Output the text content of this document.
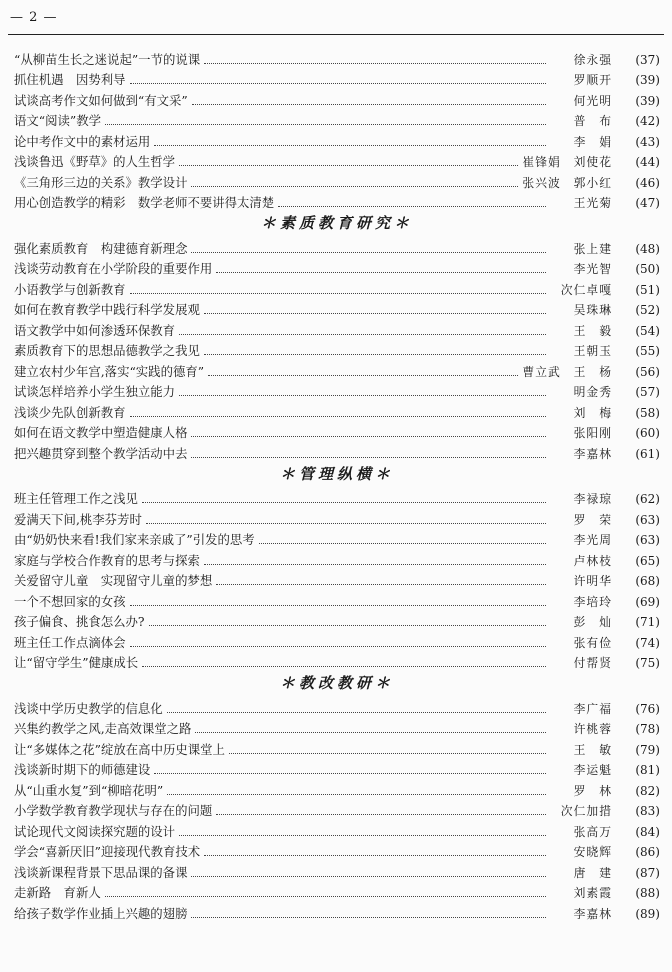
— 2 —
“从柳苗生长之迷说起”一节的说课	徐永强	(37)
抓住机遇　因势利导	罗顺开	(39)
试谈高考作文如何做到“有文采”	何光明	(39)
语文“阅读”教学	普　布	(42)
论中考作文中的素材运用	李　娟	(43)
浅谈鲁迅《野草》的人生哲学	崔锋娟　刘使花	(44)
《三角形三边的关系》教学设计	张兴波　郭小红	(46)
用心创造教学的精彩　数学老师不要讲得太清楚	王光菊	(47)
＊素质教育研究＊
强化素质教育　构建德育新理念	张上建	(48)
浅谈劳动教育在小学阶段的重要作用	李光智	(50)
小语教学与创新教育	次仁卓嘎	(51)
如何在教育教学中践行科学发展观	吴珠琳	(52)
语文教学中如何渗透环保教育	王　毅	(54)
素质教育下的思想品德教学之我见	王朝玉	(55)
建立农村少年宫,落实“实践的德育”	曹立武　王　杨	(56)
试谈怎样培养小学生独立能力	明金秀	(57)
浅谈少先队创新教育	刘　梅	(58)
如何在语文教学中塑造健康人格	张阳刚	(60)
把兴趣贯穿到整个教学活动中去	李嘉林	(61)
＊管理纵横＊
班主任管理工作之浅见	李禄琼	(62)
爱满天下间,桃李芬芳时	罗　荣	(63)
由“奶奶快来看!我们家来亲戚了”引发的思考	李光周	(63)
家庭与学校合作教育的思考与探索	卢林枝	(65)
关爱留守儿童　实现留守儿童的梦想	许明华	(68)
一个不想回家的女孩	李培玲	(69)
孩子偏食、挑食怎么办?	彭　灿	(71)
班主任工作点滴体会	张有俭	(74)
让“留守学生”健康成长	付帮贤	(75)
＊教改教研＊
浅谈中学历史教学的信息化	李广福	(76)
兴集约教学之风,走高效课堂之路	许桃蓉	(78)
让“多媒体之花”绽放在高中历史课堂上	王　敏	(79)
浅谈新时期下的师德建设	李运魁	(81)
从“山重水复”到“柳暗花明”	罗　林	(82)
小学数学教育教学现状与存在的问题	次仁加措	(83)
试论现代文阅读探究题的设计	张高万	(84)
学会“喜新厌旧”迎接现代教育技术	安晓辉	(86)
浅谈新课程背景下思品课的备课	唐　建	(87)
走新路　育新人	刘素霞	(88)
给孩子数学作业插上兴趣的翅膀	李嘉林	(89)
